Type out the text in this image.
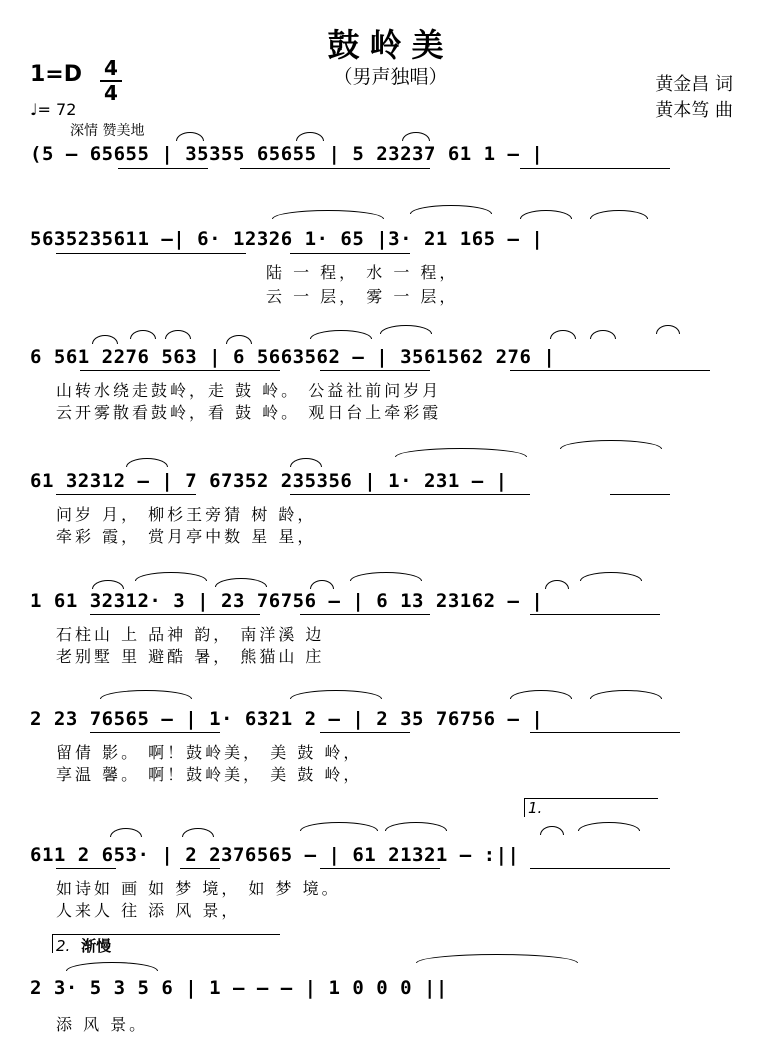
鼓岭美
（男声独唱）	黄金昌 词
黄本笃 曲
1=D 4
4
♩= 72
深情 赞美地
(5 – 65655 | 35355 65655 | 5 23237 61 1 – |
5635235611 –| 6· 12326 1· 65 |3· 21 165 – |
陆 一 程， 水 一 程，
云 一 层， 雾 一 层，
6 561 2276 563 | 6 5663562 – | 3561562 276 |
山转水绕走鼓岭，走 鼓 岭。 公益社前问岁月
云开雾散看鼓岭，看 鼓 岭。 观日台上牵彩霞
61 32312 – | 7 67352 235356 | 1· 231 – |
问岁 月， 柳杉王旁猜 树 龄，
牵彩 霞， 赏月亭中数 星 星，
1 61 32312· 3 | 23 76756 – | 6 13 23162 – |
石柱山 上 品神 韵， 南洋溪 边
老别墅 里 避酷 暑， 熊猫山 庄
2 23 76565 – | 1· 6321 2 – | 2 35 76756 – |
留倩 影。 啊！鼓岭美， 美 鼓 岭，
享温 馨。 啊！鼓岭美， 美 鼓 岭，
1.
611 2 653· | 2 2376565 – | 61 21321 – :||
如诗如 画 如 梦 境， 如 梦 境。
人来人 往 添 风 景，
2. 渐慢
2 3· 5 3 5 6 | 1 – – – | 1 0 0 0 ||
添 风 景。
